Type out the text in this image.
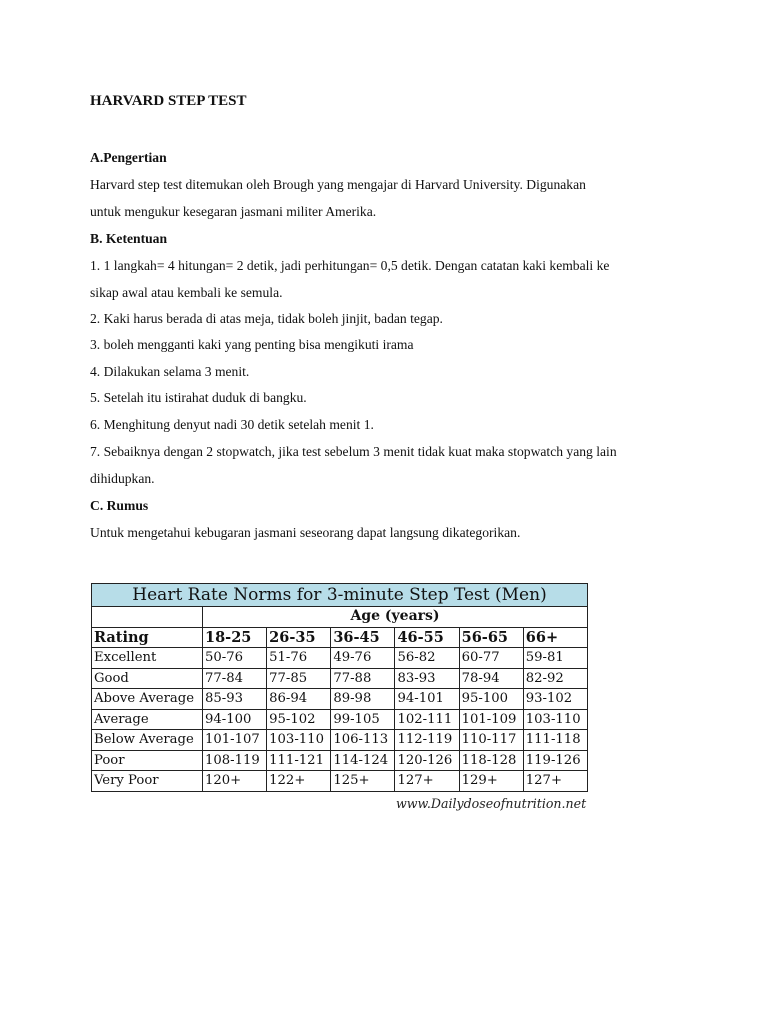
HARVARD STEP TEST

A.Pengertian

Harvard step test ditemukan oleh Brough yang mengajar di Harvard University. Digunakan

untuk mengukur kesegaran jasmani militer Amerika.

B. Ketentuan

1. 1 langkah= 4 hitungan= 2 detik, jadi perhitungan= 0,5 detik. Dengan catatan kaki kembali ke

sikap awal atau kembali ke semula.

2. Kaki harus berada di atas meja, tidak boleh jinjit, badan tegap.

3. boleh mengganti kaki yang penting bisa mengikuti irama

4. Dilakukan selama 3 menit.

5. Setelah itu istirahat duduk di bangku.

6. Menghitung denyut nadi 30 detik setelah menit 1.

7. Sebaiknya dengan 2 stopwatch, jika test sebelum 3 menit tidak kuat maka stopwatch yang lain

dihidupkan.

C. Rumus

Untuk mengetahui kebugaran jasmani seseorang dapat langsung dikategorikan.

Heart Rate Norms for 3-minute Step Test (Men)						
	Age (years)					
Rating	18-25	26-35	36-45	46-55	56-65	66+
Excellent	50-76	51-76	49-76	56-82	60-77	59-81
Good	77-84	77-85	77-88	83-93	78-94	82-92
Above Average	85-93	86-94	89-98	94-101	95-100	93-102
Average	94-100	95-102	99-105	102-111	101-109	103-110
Below Average	101-107	103-110	106-113	112-119	110-117	111-118
Poor	108-119	111-121	114-124	120-126	118-128	119-126
Very Poor	120+	122+	125+	127+	129+	127+
www.Dailydoseofnutrition.net
